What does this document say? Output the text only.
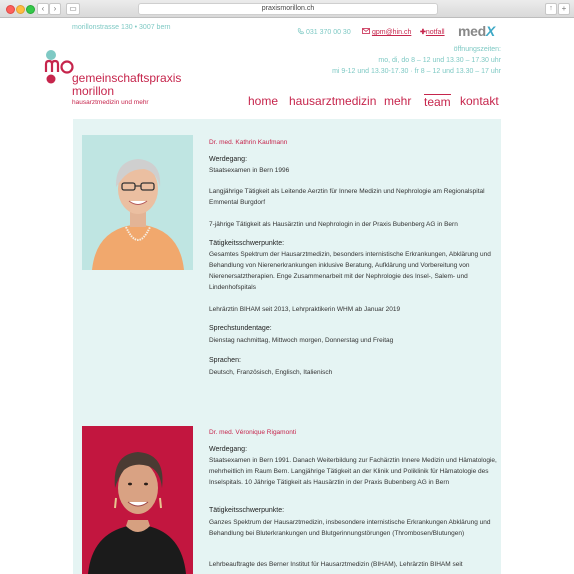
‹	›	▭	praxismorillon.ch	↑	+
morillonstrasse 130 • 3007 bern
031 370 00 30	gpm@hin.ch ✚notfall medX
öffnungszeiten:
mo, di, do 8 – 12 und 13.30 – 17.30 uhr
mi 9-12 und 13.30-17.30 · fr 8 – 12 und 13.30 – 17 uhr
gemeinschaftspraxis
morillon
hausarztmedizin und mehr	home hausarztmedizin mehr team kontakt
Dr. med. Kathrin Kaufmann
Werdegang:
Staatsexamen in Bern 1996
Langjährige Tätigkeit als Leitende Aerztin für Innere Medizin und Nephrologie am Regionalspital Emmental Burgdorf
7-jährige Tätigkeit als Hausärztin und Nephrologin in der Praxis Bubenberg AG in Bern
Tätigkeitsschwerpunkte:
Gesamtes Spektrum der Hausarztmedizin, besonders internistische Erkrankungen, Abklärung und Behandlung von Nierenerkrankungen inklusive Beratung, Aufklärung und Vorbereitung von Nierenersatztherapien. Enge Zusammenarbeit mit der Nephrologie des Insel-, Salem- und Lindenhofspitals
Lehrärztin BIHAM seit 2013, Lehrpraktikerin WHM ab Januar 2019
Sprechstundentage:
Dienstag nachmittag, Mittwoch morgen, Donnerstag und Freitag
Sprachen:
Deutsch, Französisch, Englisch, Italienisch
Dr. med. Véronique Rigamonti
Werdegang:
Staatsexamen in Bern 1991. Danach Weiterbildung zur Fachärztin Innere Medizin und Hämatologie, mehrheitlich im Raum Bern. Langjährige Tätigkeit an der Klinik und Poliklinik für Hämatologie des Inselspitals. 10 Jährige Tätigkeit als Hausärztin in der Praxis Bubenberg AG in Bern
Tätigkeitsschwerpunkte:
Ganzes Spektrum der Hausarztmedizin, insbesondere internistische Erkrankungen Abklärung und Behandlung bei Bluterkrankungen und Blutgerinnungstörungen (Thrombosen/Blutungen)
Lehrbeauftragte des Berner Institut für Hausarztmedizin (BIHAM), Lehrärztin BIHAM seit
